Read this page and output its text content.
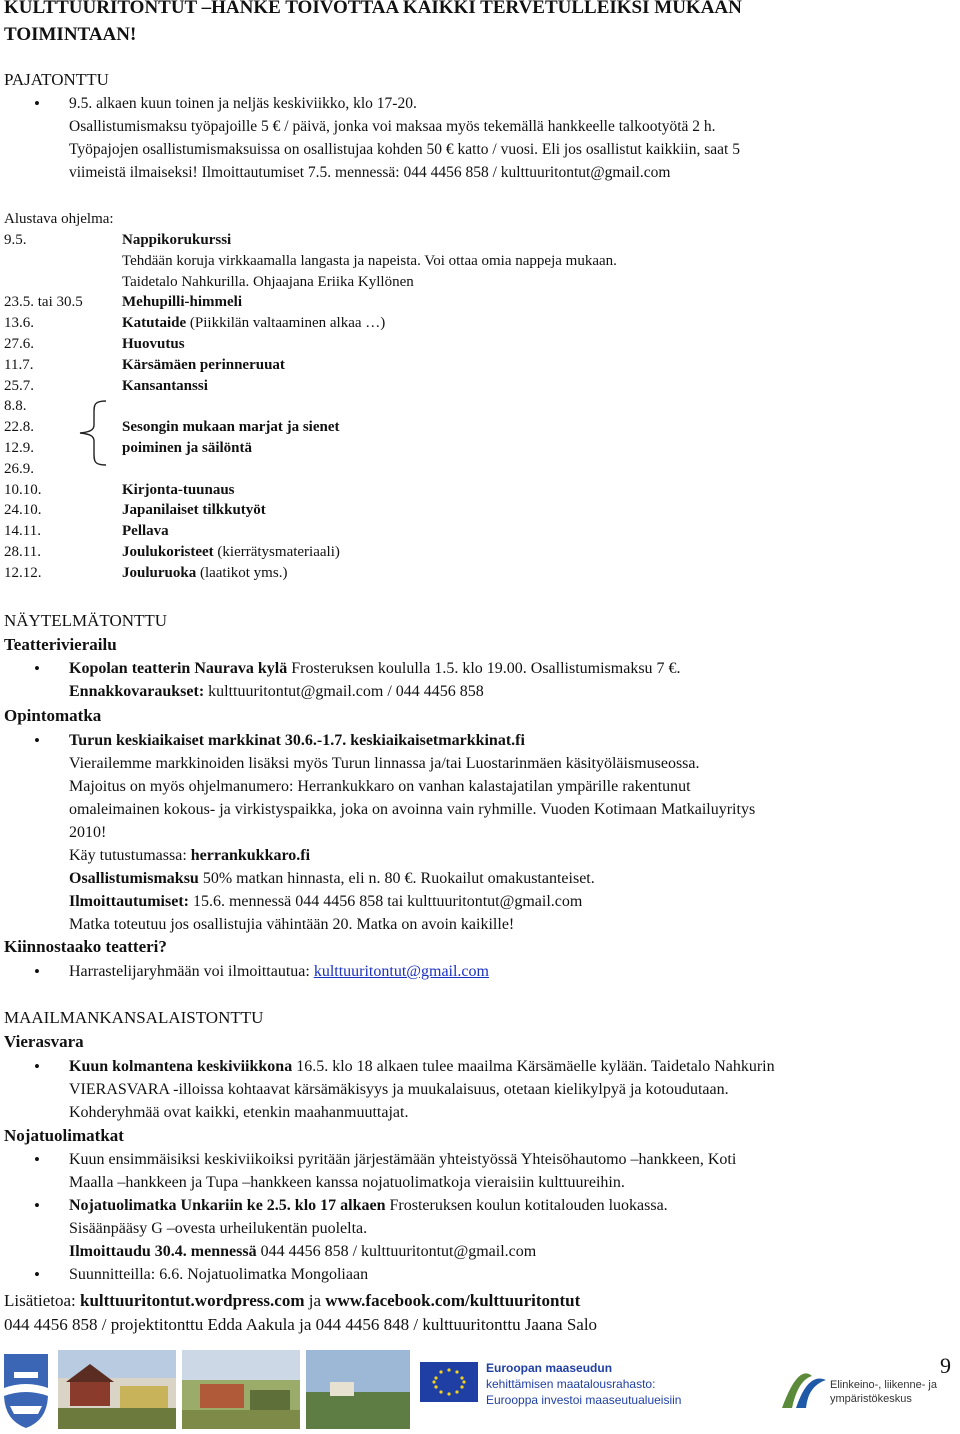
KULTTUURITONTUT –HANKE TOIVOTTAA KAIKKI TERVETULLEIKSI MUKAAN
TOIMINTAAN!
PAJATONTTU
• 9.5. alkaen kuun toinen ja neljäs keskiviikko, klo 17-20.
Osallistumismaksu työpajoille 5 € / päivä, jonka voi maksaa myös tekemällä hankkeelle talkootyötä 2 h.
Työpajojen osallistumismaksuissa on osallistujaa kohden 50 € katto / vuosi. Eli jos osallistut kaikkiin, saat 5
viimeistä ilmaiseksi! Ilmoittautumiset 7.5. mennessä: 044 4456 858 / kulttuuritontut@gmail.com
Alustava ohjelma:
9.5.	Nappikorukurssi
Tehdään koruja virkkaamalla langasta ja napeista. Voi ottaa omia nappeja mukaan.
Taidetalo Nahkurilla. Ohjaajana Eriika Kyllönen
23.5. tai 30.5	Mehupilli-himmeli
13.6.	Katutaide (Piikkilän valtaaminen alkaa …)
27.6.	Huovutus
11.7.	Kärsämäen perinneruuat
25.7.	Kansantanssi
8.8.
22.8.	Sesongin mukaan marjat ja sienet
12.9.	poiminen ja säilöntä
26.9.
10.10.	Kirjonta-tuunaus
24.10.	Japanilaiset tilkkutyöt
14.11.	Pellava
28.11.	Joulukoristeet (kierrätysmateriaali)
12.12.	Jouluruoka (laatikot yms.)
NÄYTELMÄTONTTU
Teatterivierailu
• Kopolan teatterin Naurava kylä Frosteruksen koululla 1.5. klo 19.00. Osallistumismaksu 7 €.
Ennakkovaraukset: kulttuuritontut@gmail.com / 044 4456 858
Opintomatka
• Turun keskiaikaiset markkinat 30.6.-1.7. keskiaikaisetmarkkinat.fi
Vierailemme markkinoiden lisäksi myös Turun linnassa ja/tai Luostarinmäen käsityöläismuseossa.
Majoitus on myös ohjelmanumero: Herrankukkaro on vanhan kalastajatilan ympärille rakentunut
omaleimainen kokous- ja virkistyspaikka, joka on avoinna vain ryhmille. Vuoden Kotimaan Matkailuyritys
2010!
Käy tutustumassa: herrankukkaro.fi
Osallistumismaksu 50% matkan hinnasta, eli n. 80 €. Ruokailut omakustanteiset.
Ilmoittautumiset: 15.6. mennessä 044 4456 858 tai kulttuuritontut@gmail.com
Matka toteutuu jos osallistujia vähintään 20. Matka on avoin kaikille!
Kiinnostaako teatteri?
• Harrastelijaryhmään voi ilmoittautua: kulttuuritontut@gmail.com
MAAILMANKANSALAISTONTTU
Vierasvara
• Kuun kolmantena keskiviikkona 16.5. klo 18 alkaen tulee maailma Kärsämäelle kylään. Taidetalo Nahkurin
VIERASVARA -illoissa kohtaavat kärsämäkisyys ja muukalaisuus, otetaan kielikylpyä ja kotoudutaan.
Kohderyhmää ovat kaikki, etenkin maahanmuuttajat.
Nojatuolimatkat
• Kuun ensimmäisiksi keskiviikoiksi pyritään järjestämään yhteistyössä Yhteisöhautomo –hankkeen, Koti
Maalla –hankkeen ja Tupa –hankkeen kanssa nojatuolimatkoja vieraisiin kulttuureihin.
• Nojatuolimatka Unkariin ke 2.5. klo 17 alkaen Frosteruksen koulun kotitalouden luokassa.
Sisäänpääsy G –ovesta urheilukentän puolelta.
Ilmoittaudu 30.4. mennessä 044 4456 858 / kulttuuritontut@gmail.com
• Suunnitteilla: 6.6. Nojatuolimatka Mongoliaan
Lisätietoa: kulttuuritontut.wordpress.com ja www.facebook.com/kulttuuritontut
044 4456 858 / projektitonttu Edda Aakula ja 044 4456 848 / kulttuuritonttu Jaana Salo
Euroopan maaseudun
kehittämisen maatalousrahasto:
Eurooppa investoi maaseutualueisiin
Elinkeino-, liikenne- ja
ympäristökeskus
9
